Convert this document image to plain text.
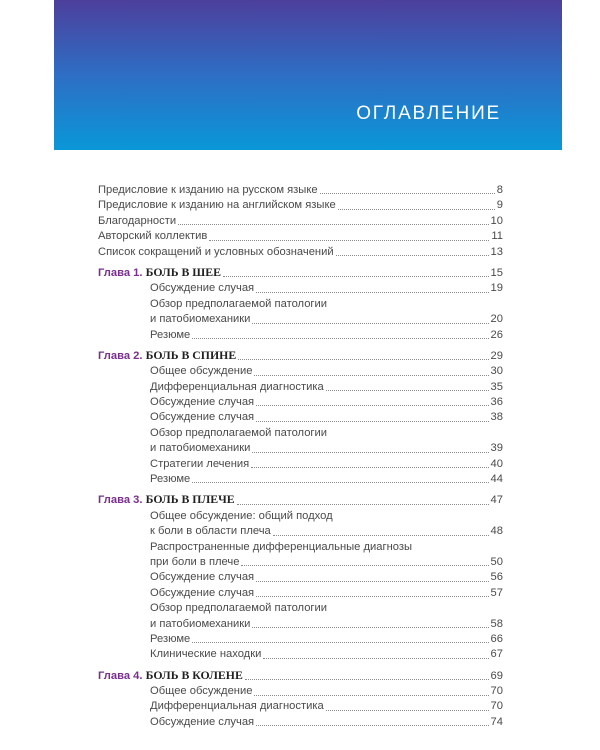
ОГЛАВЛЕНИЕ
Предисловие к изданию на русском языке	8
Предисловие к изданию на английском языке	9
Благодарности	10
Авторский коллектив	11
Список сокращений и условных обозначений	13
Глава 1. БОЛЬ В ШЕЕ	15
Обсуждение случая	19
Обзор предполагаемой патологии
и патобиомеханики	20
Резюме	26
Глава 2. БОЛЬ В СПИНЕ	29
Общее обсуждение	30
Дифференциальная диагностика	35
Обсуждение случая	36
Обсуждение случая	38
Обзор предполагаемой патологии
и патобиомеханики	39
Стратегии лечения	40
Резюме	44
Глава 3. БОЛЬ В ПЛЕЧЕ	47
Общее обсуждение: общий подход
к боли в области плеча	48
Распространенные дифференциальные диагнозы
при боли в плече	50
Обсуждение случая	56
Обсуждение случая	57
Обзор предполагаемой патологии
и патобиомеханики	58
Резюме	66
Клинические находки	67
Глава 4. БОЛЬ В КОЛЕНЕ	69
Общее обсуждение	70
Дифференциальная диагностика	70
Обсуждение случая	74
